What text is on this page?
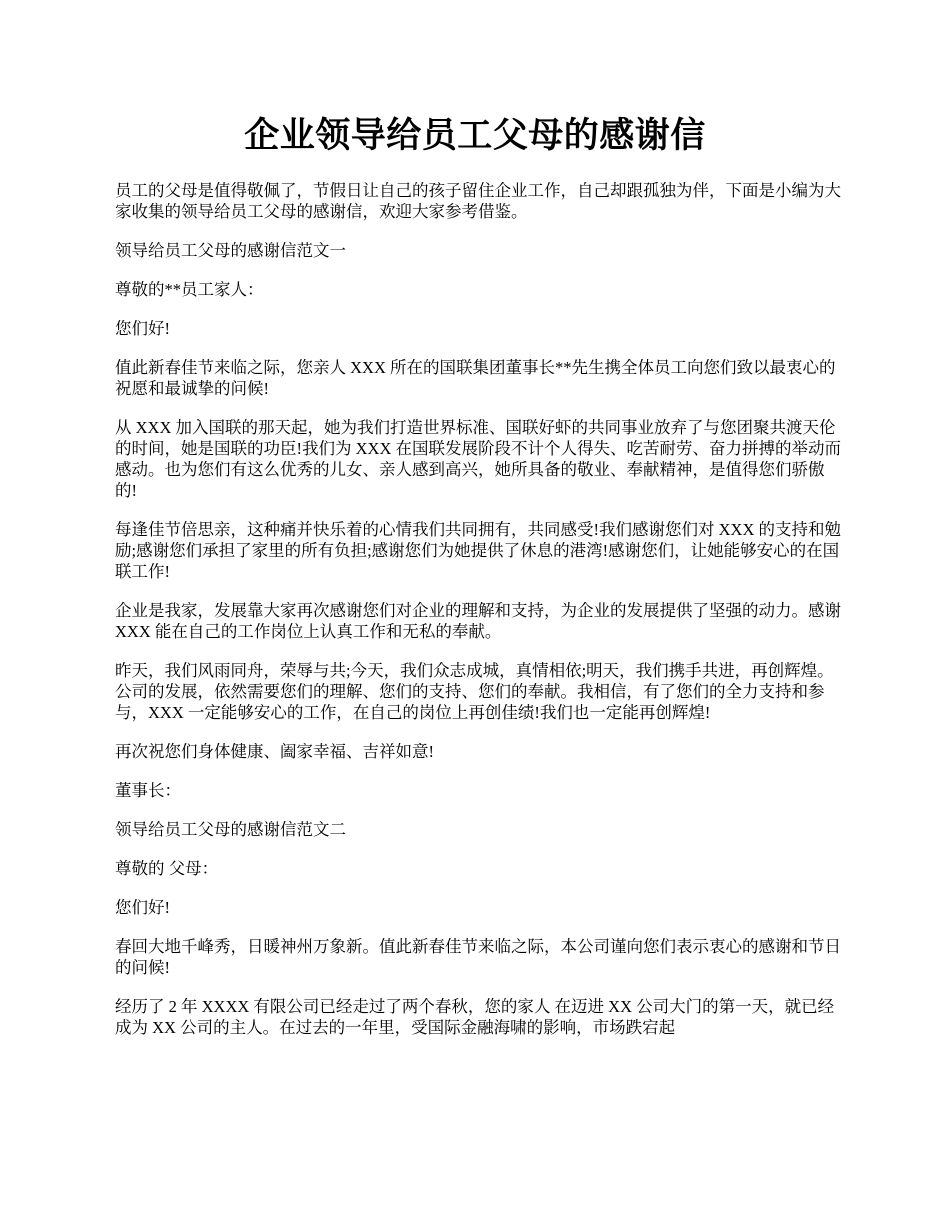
企业领导给员工父母的感谢信

员工的父母是值得敬佩了，节假日让自己的孩子留住企业工作，自己却跟孤独为伴，下面是小编为大家收集的领导给员工父母的感谢信，欢迎大家参考借鉴。

领导给员工父母的感谢信范文一

尊敬的**员工家人：

您们好!

值此新春佳节来临之际，您亲人 XXX 所在的国联集团董事长**先生携全体员工向您们致以最衷心的祝愿和最诚挚的问候!

从 XXX 加入国联的那天起，她为我们打造世界标准、国联好虾的共同事业放弃了与您团聚共渡天伦的时间，她是国联的功臣!我们为 XXX 在国联发展阶段不计个人得失、吃苦耐劳、奋力拼搏的举动而感动。也为您们有这么优秀的儿女、亲人感到高兴，她所具备的敬业、奉献精神，是值得您们骄傲的!

每逢佳节倍思亲，这种痛并快乐着的心情我们共同拥有，共同感受!我们感谢您们对 XXX 的支持和勉励;感谢您们承担了家里的所有负担;感谢您们为她提供了休息的港湾!感谢您们，让她能够安心的在国联工作!

企业是我家，发展靠大家再次感谢您们对企业的理解和支持，为企业的发展提供了坚强的动力。感谢 XXX 能在自己的工作岗位上认真工作和无私的奉献。

昨天，我们风雨同舟，荣辱与共;今天，我们众志成城，真情相依;明天，我们携手共进，再创辉煌。公司的发展，依然需要您们的理解、您们的支持、您们的奉献。我相信，有了您们的全力支持和参与，XXX 一定能够安心的工作，在自己的岗位上再创佳绩!我们也一定能再创辉煌!

再次祝您们身体健康、阖家幸福、吉祥如意!

董事长：

领导给员工父母的感谢信范文二

尊敬的 父母：

您们好!

春回大地千峰秀，日暖神州万象新。值此新春佳节来临之际，本公司谨向您们表示衷心的感谢和节日的问候!

经历了 2 年 XXXX 有限公司已经走过了两个春秋，您的家人 在迈进 XX 公司大门的第一天，就已经成为 XX 公司的主人。在过去的一年里，受国际金融海啸的影响，市场跌宕起
